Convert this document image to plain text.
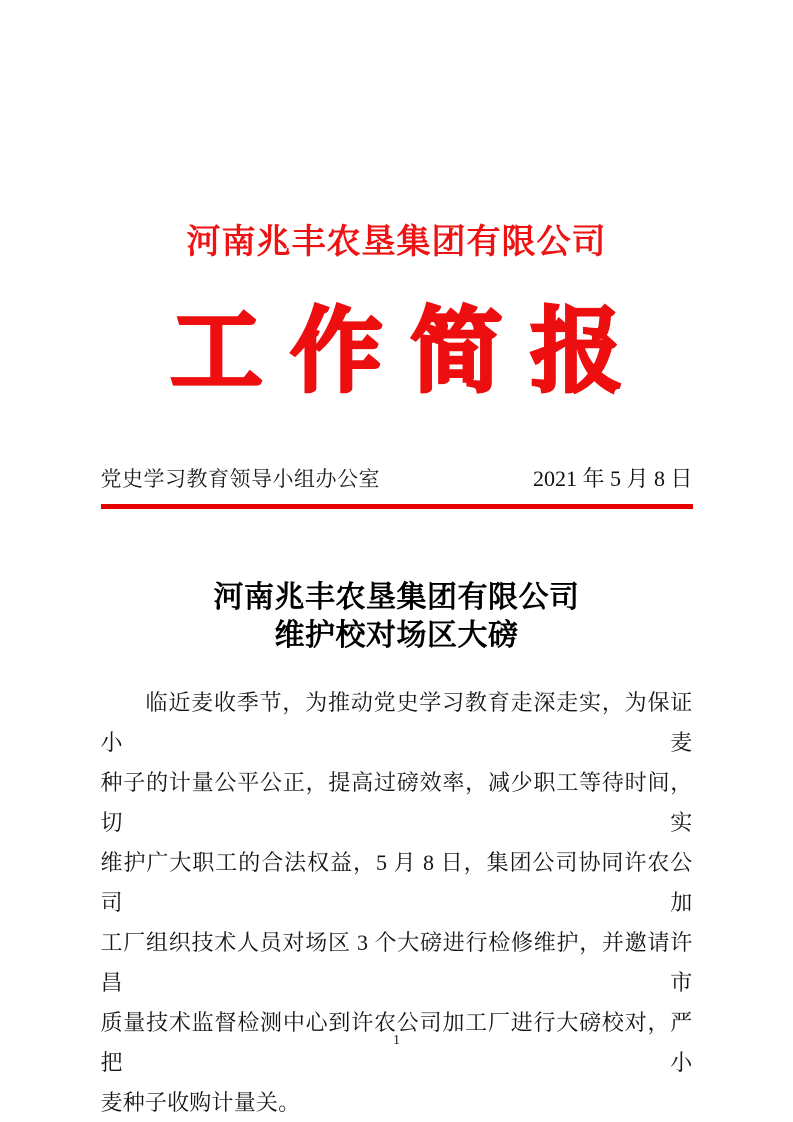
河南兆丰农垦集团有限公司
工作简报
党史学习教育领导小组办公室	2021 年 5 月 8 日
河南兆丰农垦集团有限公司
维护校对场区大磅
临近麦收季节，为推动党史学习教育走深走实，为保证小麦
种子的计量公平公正，提高过磅效率，减少职工等待时间，切实
维护广大职工的合法权益，5 月 8 日，集团公司协同许农公司加
工厂组织技术人员对场区 3 个大磅进行检修维护，并邀请许昌市
质量技术监督检测中心到许农公司加工厂进行大磅校对，严把小
麦种子收购计量关。
1
